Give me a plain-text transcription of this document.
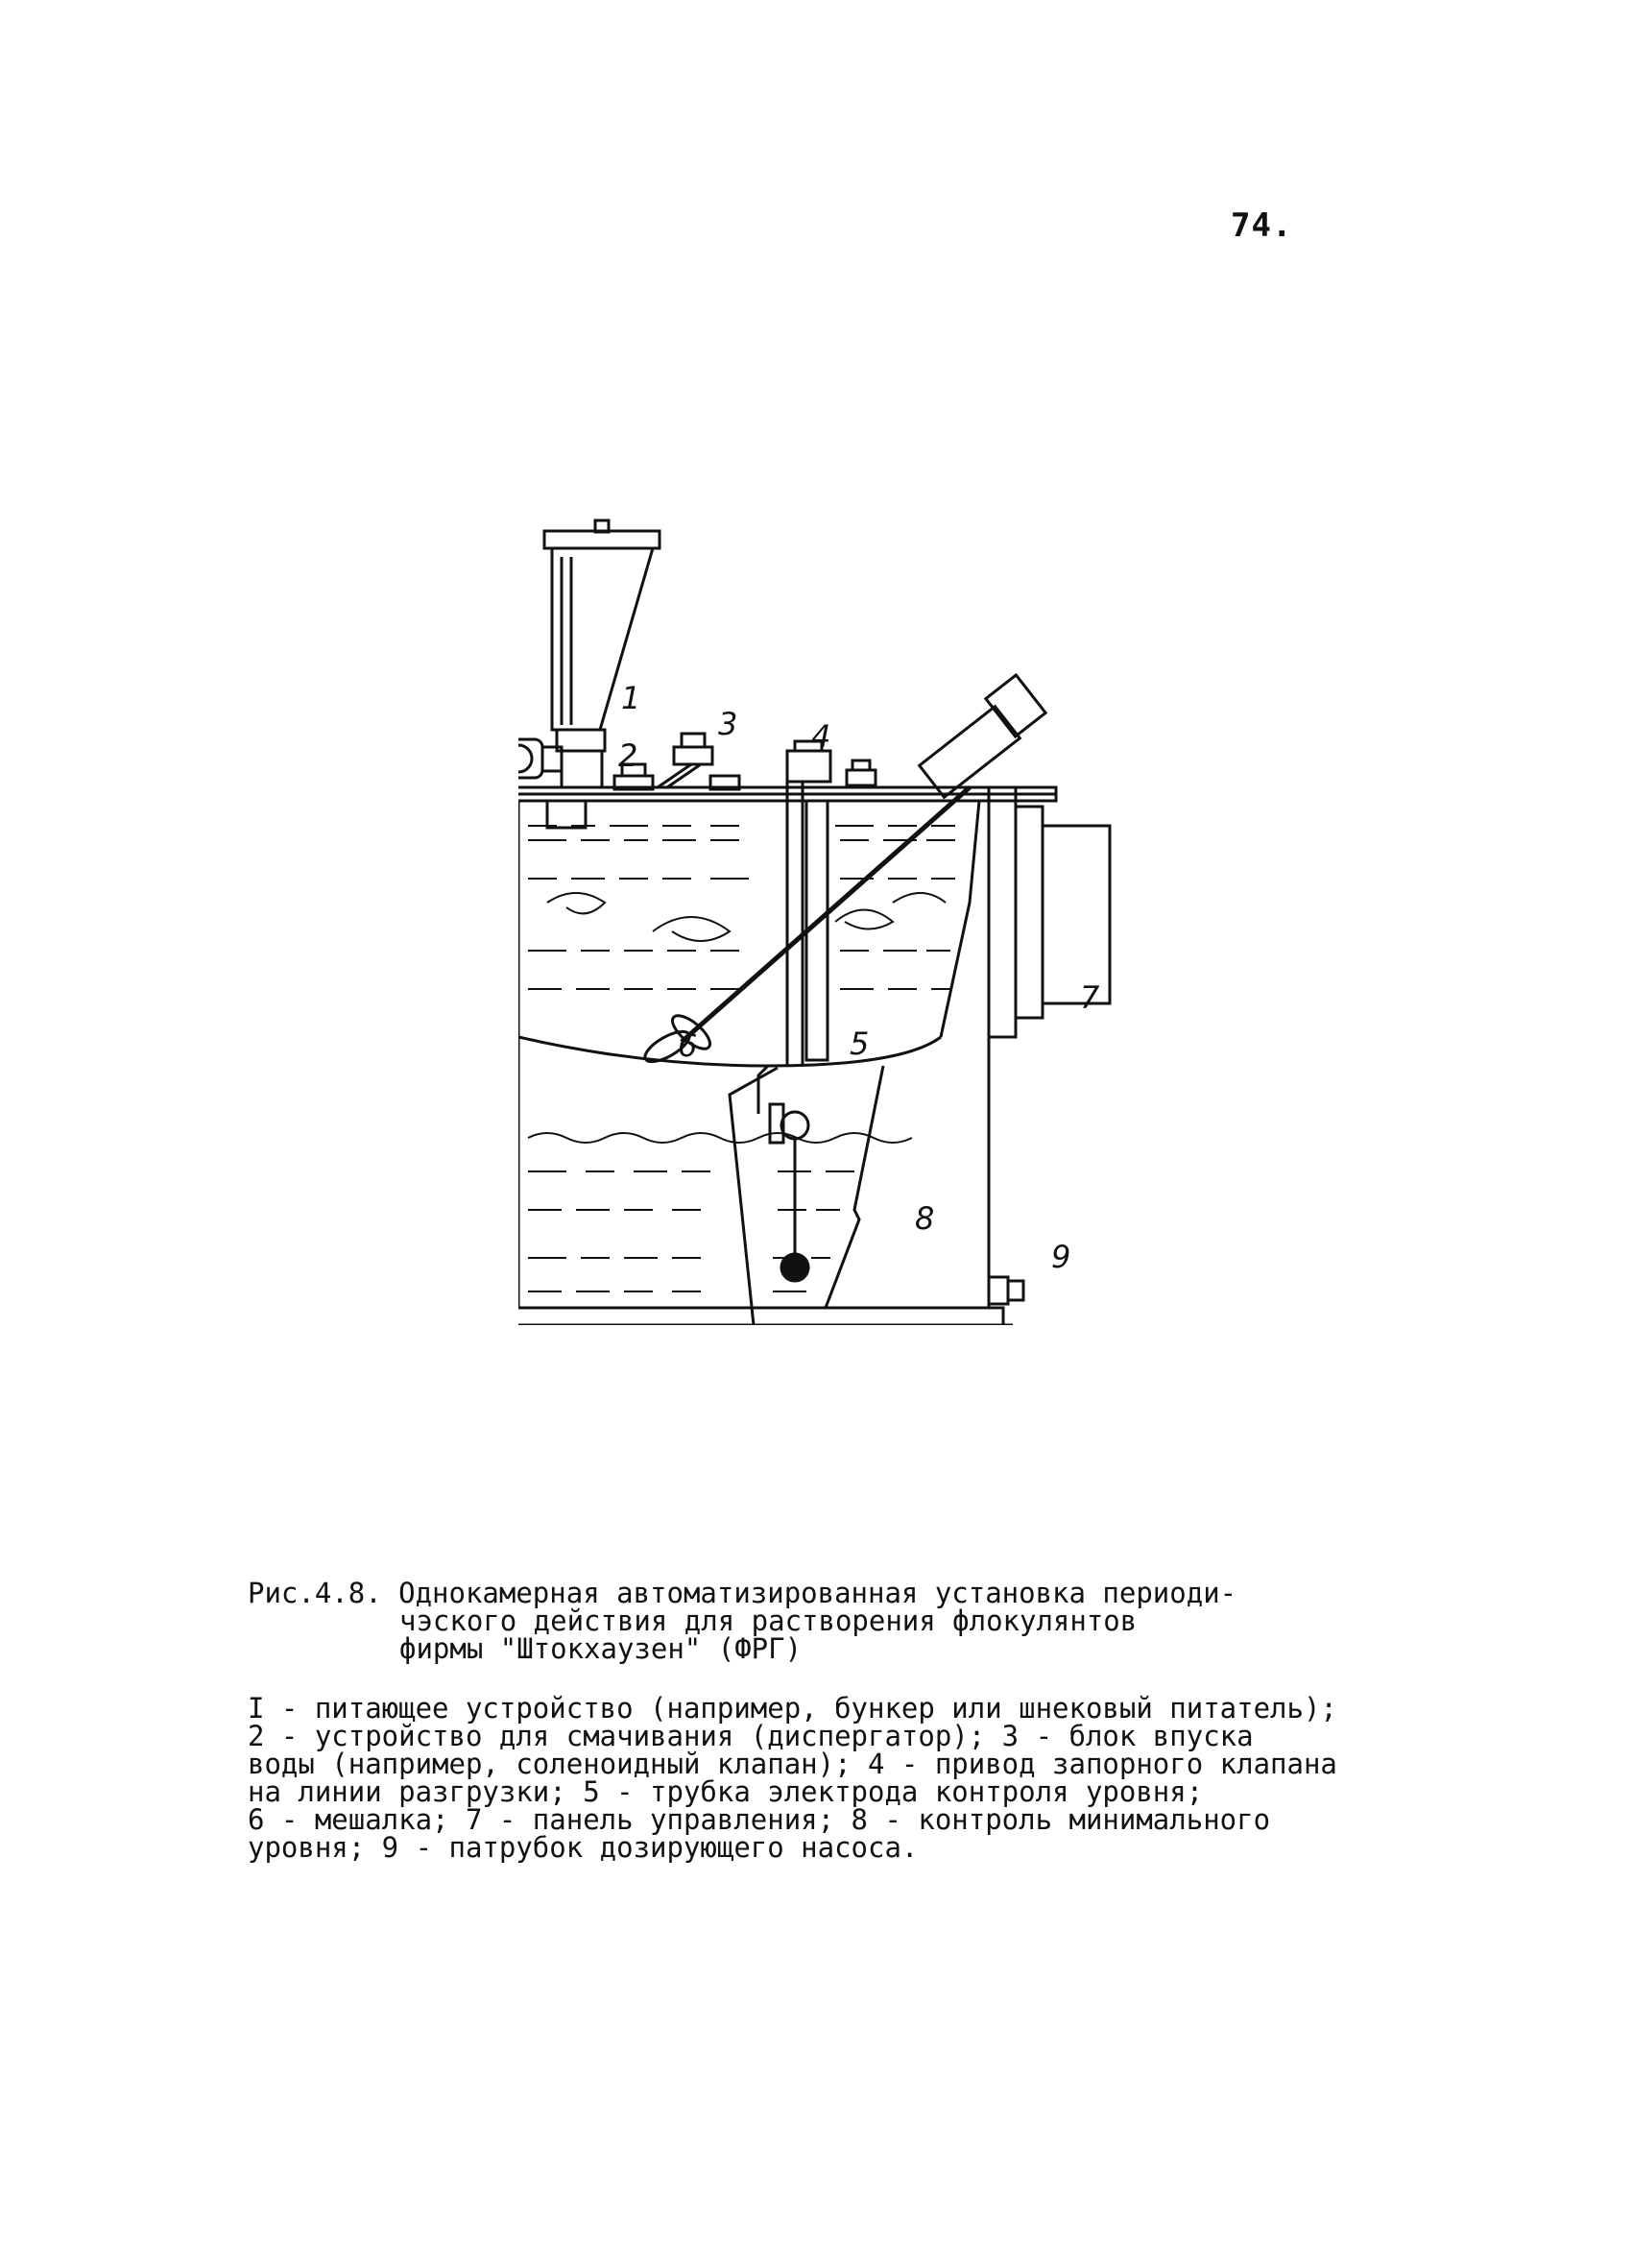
74.
1
2
3 4
5
6
7
8
9
Рис.4.8. Однокамерная автоматизированная установка периоди-
чэского действия для растворения флокулянтов
фирмы "Штокхаузен" (ФРГ)
I - питающее устройство (например, бункер или шнековый питатель);
2 - устройство для смачивания (диспергатор); 3 - блок впуска
воды (например, соленоидный клапан); 4 - привод запорного клапана
на линии разгрузки; 5 - трубка электрода контроля уровня;
6 - мешалка; 7 - панель управления; 8 - контроль минимального
уровня; 9 - патрубок дозирующего насоса.
